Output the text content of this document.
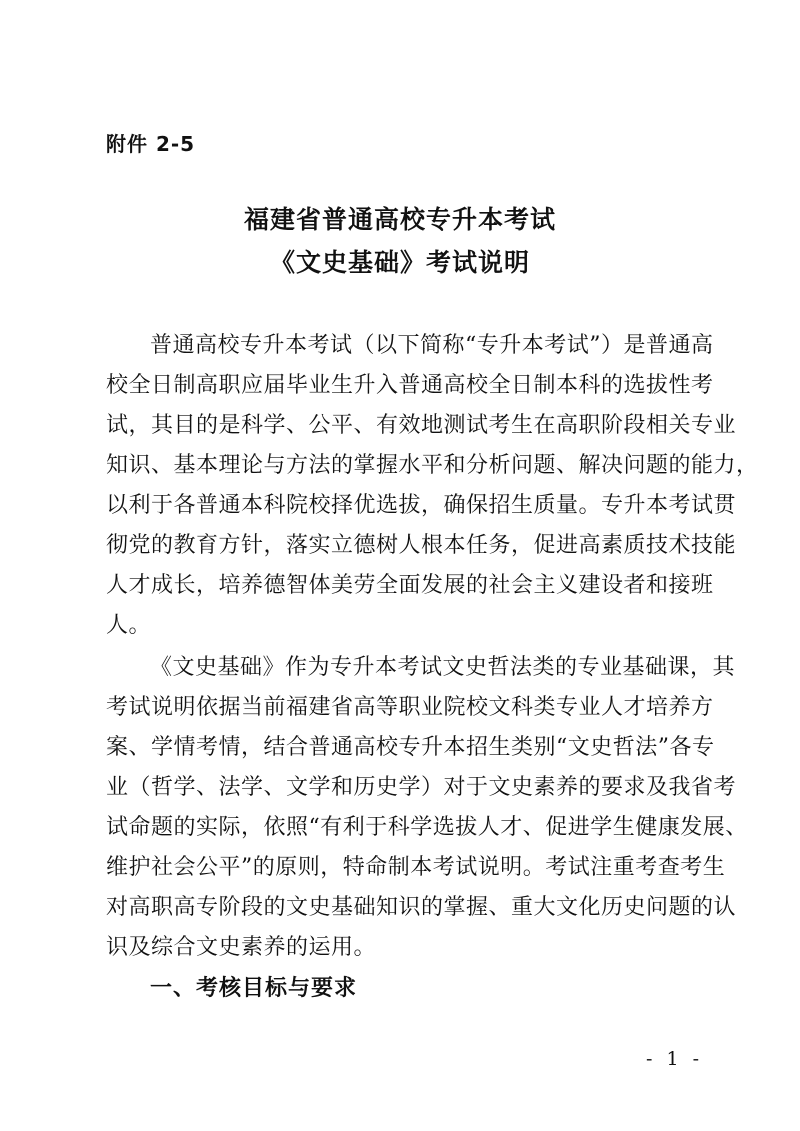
附件 2-5
福建省普通高校专升本考试
《文史基础》考试说明
普通高校专升本考试（以下简称“专升本考试”）是普通高
校全日制高职应届毕业生升入普通高校全日制本科的选拔性考
试，其目的是科学、公平、有效地测试考生在高职阶段相关专业
知识、基本理论与方法的掌握水平和分析问题、解决问题的能力，
以利于各普通本科院校择优选拔，确保招生质量。专升本考试贯
彻党的教育方针，落实立德树人根本任务，促进高素质技术技能
人才成长，培养德智体美劳全面发展的社会主义建设者和接班
人。
《文史基础》作为专升本考试文史哲法类的专业基础课，其
考试说明依据当前福建省高等职业院校文科类专业人才培养方
案、学情考情，结合普通高校专升本招生类别“文史哲法”各专
业（哲学、法学、文学和历史学）对于文史素养的要求及我省考
试命题的实际，依照“有利于科学选拔人才、促进学生健康发展、
维护社会公平”的原则，特命制本考试说明。考试注重考查考生
对高职高专阶段的文史基础知识的掌握、重大文化历史问题的认
识及综合文史素养的运用。
一、考核目标与要求
- 1 -
